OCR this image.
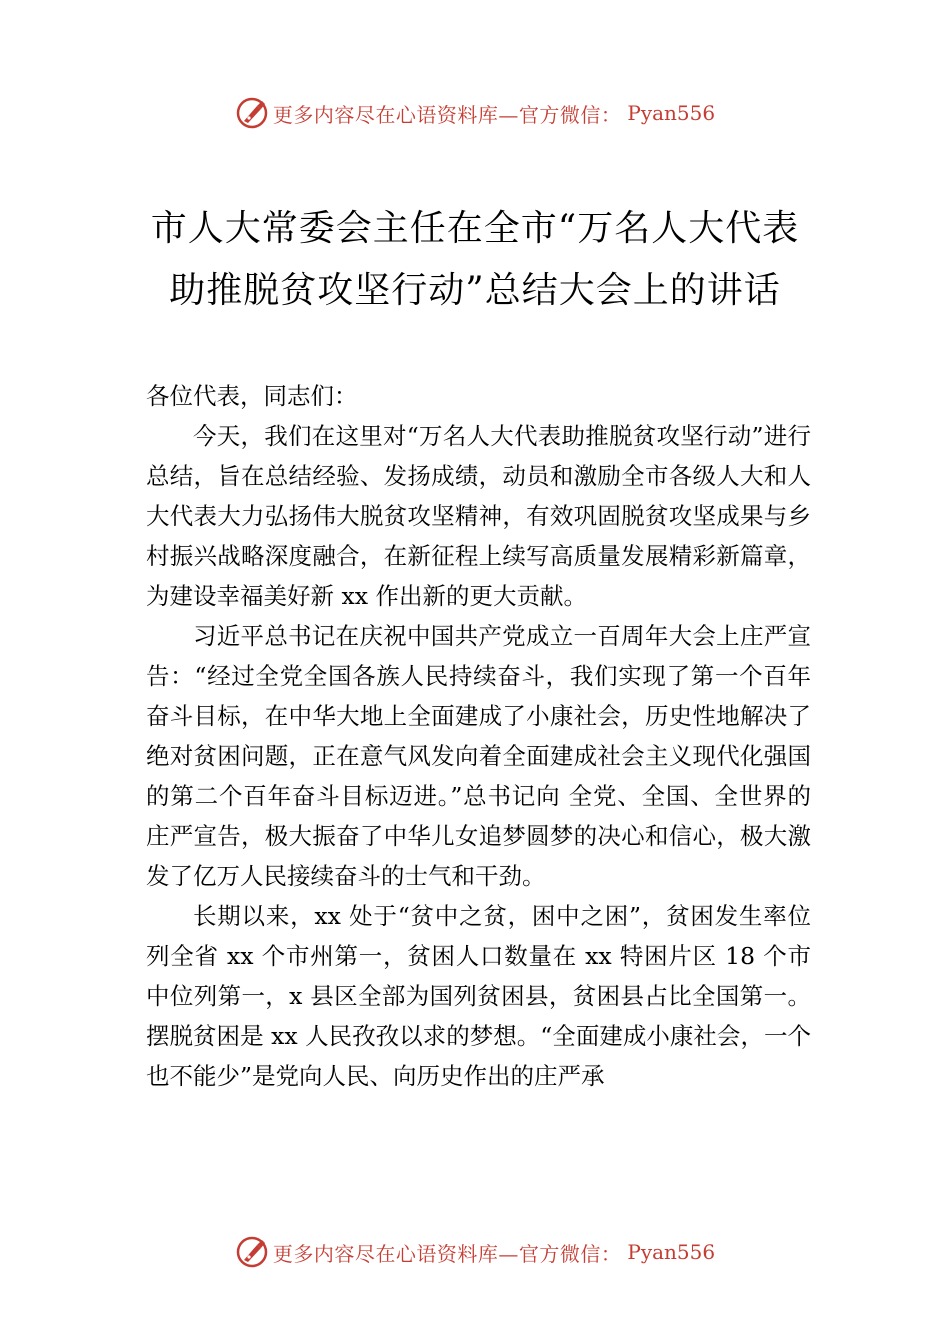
更多内容尽在心语资料库—官方微信： Pyan556
市人大常委会主任在全市“万名人大代表
助推脱贫攻坚行动”总结大会上的讲话

各位代表，同志们：

今天，我们在这里对“万名人大代表助推脱贫攻坚行动”进行总结，旨在总结经验、发扬成绩，动员和激励全市各级人大和人大代表大力弘扬伟大脱贫攻坚精神，有效巩固脱贫攻坚成果与乡村振兴战略深度融合，在新征程上续写高质量发展精彩新篇章，为建设幸福美好新 xx 作出新的更大贡献。

习近平总书记在庆祝中国共产党成立一百周年大会上庄严宣告：“经过全党全国各族人民持续奋斗，我们实现了第一个百年奋斗目标，在中华大地上全面建成了小康社会，历史性地解决了绝对贫困问题，正在意气风发向着全面建成社会主义现代化强国的第二个百年奋斗目标迈进。”总书记向 全党、全国、全世界的庄严宣告，极大振奋了中华儿女追梦圆梦的决心和信心，极大激发了亿万人民接续奋斗的士气和干劲。

长期以来，xx 处于“贫中之贫，困中之困”，贫困发生率位列全省 xx 个市州第一，贫困人口数量在 xx 特困片区 18 个市中位列第一，x 县区全部为国列贫困县，贫困县占比全国第一。摆脱贫困是 xx 人民孜孜以求的梦想。“全面建成小康社会，一个也不能少”是党向人民、向历史作出的庄严承

更多内容尽在心语资料库—官方微信： Pyan556
